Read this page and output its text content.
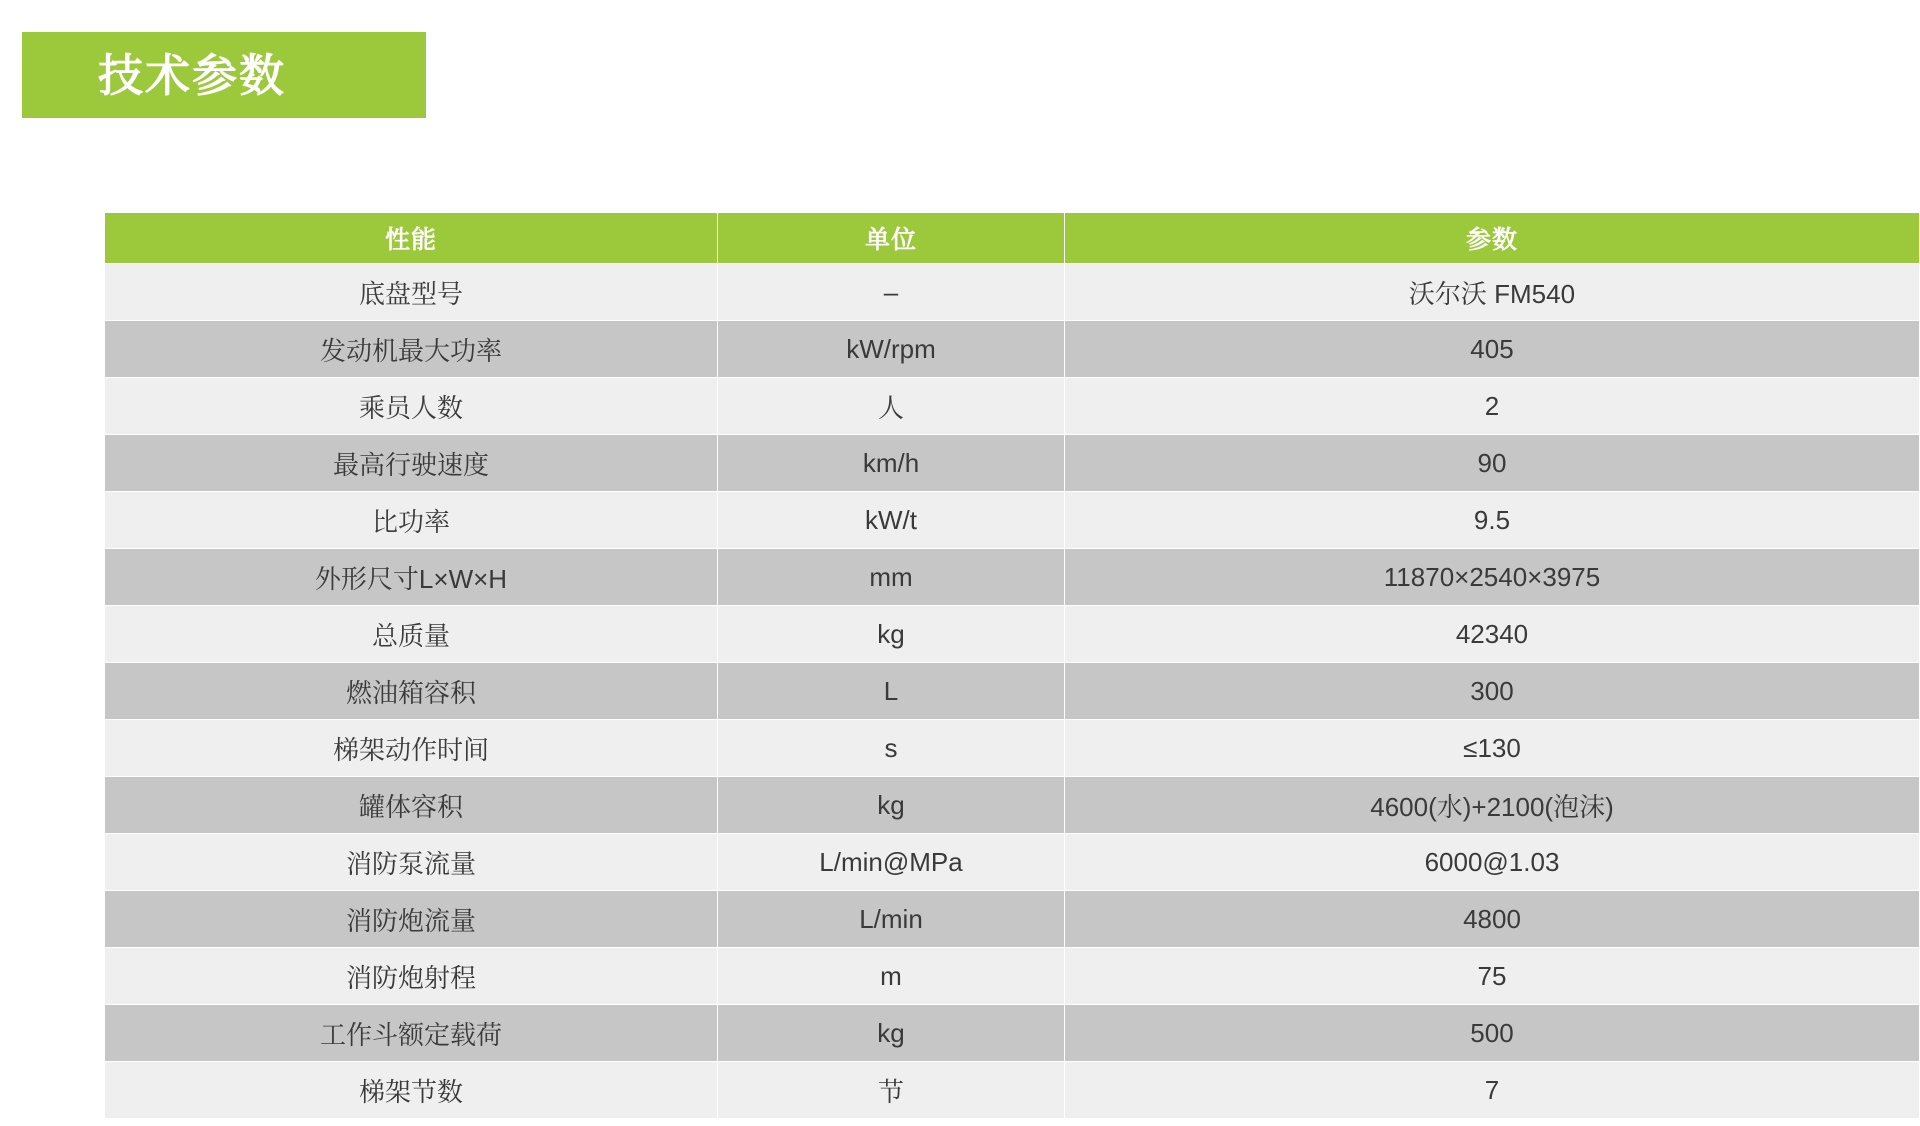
技术参数
性能	单位	参数
底盘型号	–	沃尔沃 FM540
发动机最大功率	kW/rpm	405
乘员人数	人	2
最高行驶速度	km/h	90
比功率	kW/t	9.5
外形尺寸L×W×H	mm	11870×2540×3975
总质量	kg	42340
燃油箱容积	L	300
梯架动作时间	s	≤130
罐体容积	kg	4600(水)+2100(泡沫)
消防泵流量	L/min@MPa	6000@1.03
消防炮流量	L/min	4800
消防炮射程	m	75
工作斗额定载荷	kg	500
梯架节数	节	7
